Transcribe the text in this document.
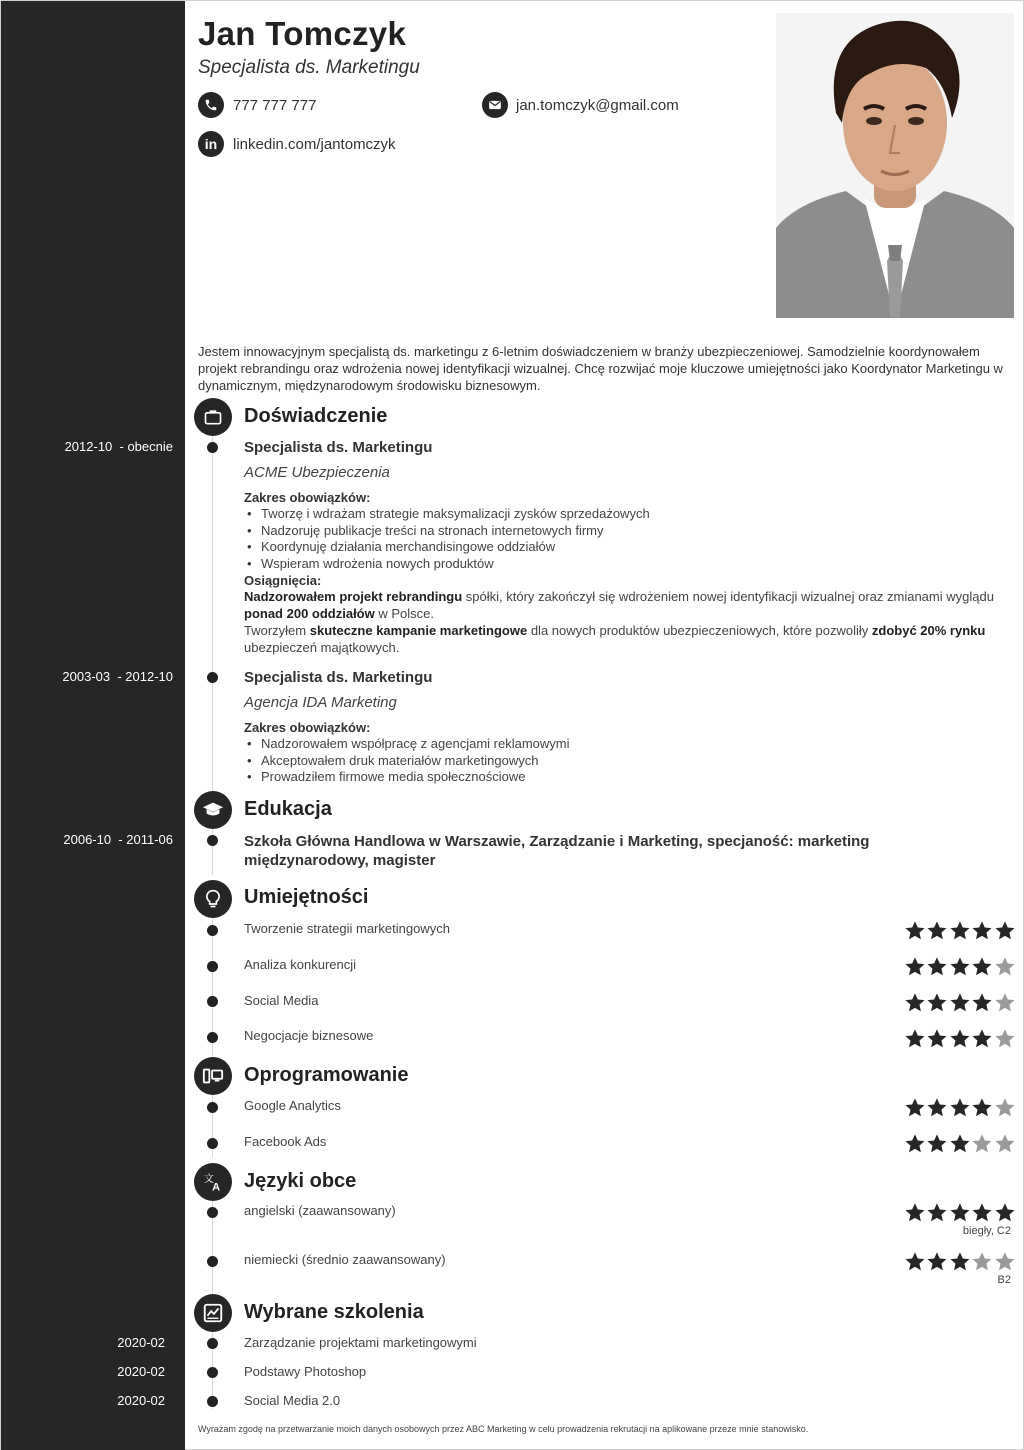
2012-10  - obecnie
2003-03  - 2012-10
2006-10  - 2011-06
2020-02
2020-02
2020-02
Jan Tomczyk
Specjalista ds. Marketingu
777 777 777	jan.tomczyk@gmail.com
in linkedin.com/jantomczyk
Jestem innowacyjnym specjalistą ds. marketingu z 6-letnim doświadczeniem w branży ubezpieczeniowej. Samodzielnie koordynowałem projekt rebrandingu oraz wdrożenia nowej identyfikacji wizualnej. Chcę rozwijać moje kluczowe umiejętności jako Koordynator Marketingu w dynamicznym, międzynarodowym środowisku biznesowym.
Doświadczenie
Specjalista ds. Marketingu
ACME Ubezpieczenia
Zakres obowiązków:
• Tworzę i wdrażam strategie maksymalizacji zysków sprzedażowych
• Nadzoruję publikacje treści na stronach internetowych firmy
• Koordynuję działania merchandisingowe oddziałów
• Wspieram wdrożenia nowych produktów
Osiągnięcia:
Nadzorowałem projekt rebrandingu spółki, który zakończył się wdrożeniem nowej identyfikacji wizualnej oraz zmianami wyglądu ponad 200 oddziałów w Polsce.
Tworzyłem skuteczne kampanie marketingowe dla nowych produktów ubezpieczeniowych, które pozwoliły zdobyć 20% rynku ubezpieczeń majątkowych.
Specjalista ds. Marketingu
Agencja IDA Marketing
Zakres obowiązków:
• Nadzorowałem współpracę z agencjami reklamowymi
• Akceptowałem druk materiałów marketingowych
• Prowadziłem firmowe media społecznościowe
Edukacja
Szkoła Główna Handlowa w Warszawie, Zarządzanie i Marketing, specjaność: marketing międzynarodowy, magister
Umiejętności
Tworzenie strategii marketingowych
Analiza konkurencji
Social Media
Negocjacje biznesowe
Oprogramowanie
Google Analytics
Facebook Ads
文
A Języki obce
angielski (zaawansowany)
biegły, C2
niemiecki (średnio zaawansowany)
B2
Wybrane szkolenia
Zarządzanie projektami marketingowymi
Podstawy Photoshop
Social Media 2.0
Wyrażam zgodę na przetwarzanie moich danych osobowych przez ABC Marketing w celu prowadzenia rekrutacji na aplikowane przeze mnie stanowisko.
